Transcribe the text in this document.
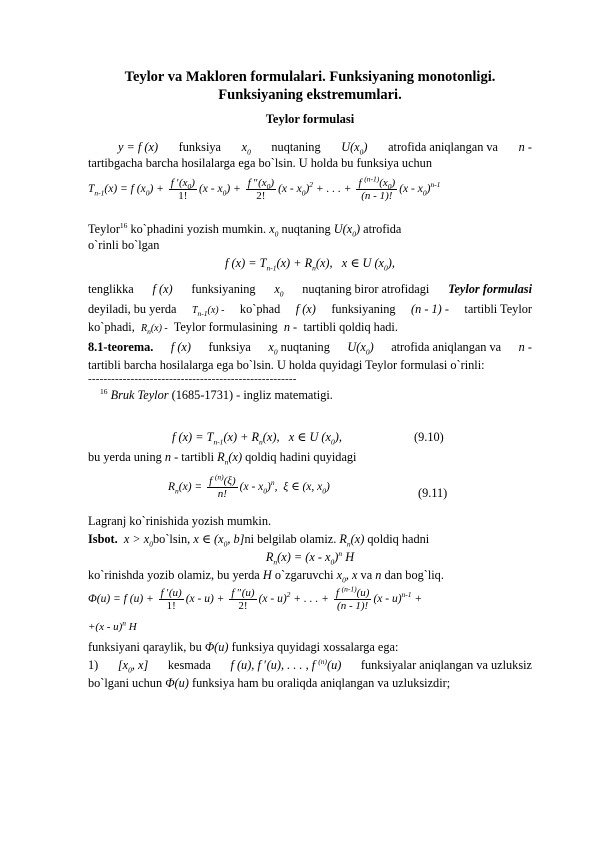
Teylor va Makloren formulalari. Funksiyaning monotonligi.
Funksiyaning ekstremumlari.
Teylor formulasi
y = f (x) funksiya $x_0$ nuqtaning $U(x_0)$ atrofida aniqlangan va n -
tartibgacha barcha hosilalarga ega bo`lsin. U holda bu funksiya uchun
$T_{n-1}(x) = f$ $(x_0) + \frac{f '(x_0)}{1!} (x - x_0) + \frac{f ''(x_0)}{2!} (x - x_0)^2$ + . . . + $\frac{f ^{(n-1)}(x_0)}{(n - 1)!} (x - x_0)^{n-1}$
Teylor$^{16}$ ko`phadini yozish mumkin. $x_0$ nuqtaning $U(x_0)$ atrofida
o`rinli bo`lgan
f $(x) = T_{n-1}(x) + R_n(x)$,   x ∈ U $(x_0)$,
tenglikka f (x) funksiyaning $x_0$ nuqtaning biror atrofidagi Teylor formulasi
deyiladi, bu yerda $T_{n-1}(x)$ - ko`phad f (x) funksiyaning (n - 1) - tartibli Teylor
ko`phadi, $R_n(x)$ - Teylor formulasining n - tartibli qoldiq hadi.
8.1-teorema. f (x) funksiya $x_0$ nuqtaning $U(x_0)$ atrofida aniqlangan va n -
tartibli barcha hosilalarga ega bo`lsin. U holda quyidagi Teylor formulasi o`rinli:
------------------------------------------------------
$^{16}$ Bruk Teylor (1685-1731) - ingliz matematigi.
f $(x) = T_{n-1}(x) + R_n(x)$,   x ∈ U $(x_0)$,	(9.10)
bu yerda uning n - tartibli $R_n(x)$ qoldiq hadini quyidagi
$R_n(x) = \frac{f ^{(n)}(\xi)}{n!} (x - x_0)^n$,  ξ ∈ (x, $x_0$)	(9.11)
Lagranj ko`rinishida yozish mumkin.
Isbot. $x > x_0bo`lsin$, x ∈ ($x_0$, b]ni belgilab olamiz. $R_n(x)$ qoldiq hadni
$R_n(x) = (x - x_0)^n$ H
ko`rinishda yozib olamiz, bu yerda H o`zgaruvchi $x_0$, x va n dan bog`liq.
Φ(u) = f $(u) + \frac{f '(u)}{1!} (x - u) + \frac{f ''(u)}{2!} (x - u)^2$ + . . . + $\frac{f ^{(n-1)}(u)}{(n - 1)!} (x - u)^{n-1}$ +
+(x - u)$^n$ H
funksiyani qaraylik, bu Φ(u) funksiya quyidagi xossalarga ega:
1) [$x_0$, x] kesmada f (u), f ′(u), . . . , f $^{(n)}$(u) funksiyalar aniqlangan va uzluksiz
bo`lgani uchun Φ(u) funksiya ham bu oraliqda aniqlangan va uzluksizdir;
